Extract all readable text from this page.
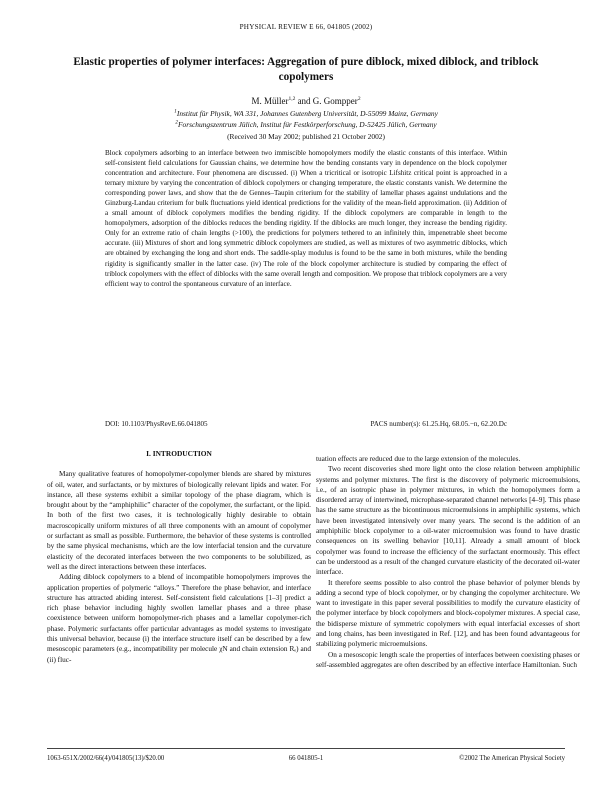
PHYSICAL REVIEW E 66, 041805 (2002)
Elastic properties of polymer interfaces: Aggregation of pure diblock, mixed diblock, and triblock copolymers
M. Müller$^{1,2}$ and G. Gompper$^2$
$^1$Institut für Physik, WA 331, Johannes Gutenberg Universität, D-55099 Mainz, Germany
$^2$Forschungszentrum Jülich, Institut für Festkörperforschung, D-52425 Jülich, Germany
(Received 30 May 2002; published 21 October 2002)
Block copolymers adsorbing to an interface between two immiscible homopolymers modify the elastic constants of this interface. Within self-consistent field calculations for Gaussian chains, we determine how the bending constants vary in dependence on the block copolymer concentration and architecture. Four phenomena are discussed. (i) When a tricritical or isotropic Lifshitz critical point is approached in a ternary mixture by varying the concentration of diblock copolymers or changing temperature, the elastic constants vanish. We determine the corresponding power laws, and show that the de Gennes–Taupin criterium for the stability of lamellar phases against undulations and the Ginzburg-Landau criterium for bulk fluctuations yield identical predictions for the validity of the mean-field approximation. (ii) Addition of a small amount of diblock copolymers modifies the bending rigidity. If the diblock copolymers are comparable in length to the homopolymers, adsorption of the diblocks reduces the bending rigidity. If the diblocks are much longer, they increase the bending rigidity. Only for an extreme ratio of chain lengths (>100), the predictions for polymers tethered to an infinitely thin, impenetrable sheet become accurate. (iii) Mixtures of short and long symmetric diblock copolymers are studied, as well as mixtures of two asymmetric diblocks, which are obtained by exchanging the long and short ends. The saddle-splay modulus is found to be the same in both mixtures, while the bending rigidity is significantly smaller in the latter case. (iv) The role of the block copolymer architecture is studied by comparing the effect of triblock copolymers with the effect of diblocks with the same overall length and composition. We propose that triblock copolymers are a very efficient way to control the spontaneous curvature of an interface.
DOI: 10.1103/PhysRevE.66.041805	PACS number(s): 61.25.Hq, 68.05.−n, 62.20.Dc
I. INTRODUCTION

Many qualitative features of homopolymer-copolymer blends are shared by mixtures of oil, water, and surfactants, or by mixtures of biologically relevant lipids and water. For instance, all these systems exhibit a similar topology of the phase diagram, which is brought about by the “amphiphilic” character of the copolymer, the surfactant, or the lipid. In both of the first two cases, it is technologically highly desirable to obtain macroscopically uniform mixtures of all three components with an amount of copolymer or surfactant as small as possible. Furthermore, the behavior of these systems is controlled by the same physical mechanisms, which are the low interfacial tension and the curvature elasticity of the decorated interfaces between the two components to be solubilized, as well as the direct interactions between these interfaces.

Adding diblock copolymers to a blend of incompatible homopolymers improves the application properties of polymeric “alloys.” Therefore the phase behavior, and interface structure has attracted abiding interest. Self-consistent field calculations [1–3] predict a rich phase behavior including highly swollen lamellar phases and a three phase coexistence between uniform homopolymer-rich phases and a lamellar copolymer-rich phase. Polymeric surfactants offer particular advantages as model systems to investigate this universal behavior, because (i) the interface structure itself can be described by a few mesoscopic parameters (e.g., incompatibility per molecule χN and chain extension Rₑ) and (ii) fluc-

tuation effects are reduced due to the large extension of the molecules.

Two recent discoveries shed more light onto the close relation between amphiphilic systems and polymer mixtures. The first is the discovery of polymeric microemulsions, i.e., of an isotropic phase in polymer mixtures, in which the homopolymers form a disordered array of intertwined, microphase-separated channel networks [4–9]. This phase has the same structure as the bicontinuous microemulsions in amphiphilic systems, which have been investigated intensively over many years. The second is the addition of an amphiphilic block copolymer to a oil-water microemulsion was found to have drastic consequences on its swelling behavior [10,11]. Already a small amount of block copolymer was found to increase the efficiency of the surfactant enormously. This effect can be understood as a result of the changed curvature elasticity of the decorated oil-water interface.

It therefore seems possible to also control the phase behavior of polymer blends by adding a second type of block copolymer, or by changing the copolymer architecture. We want to investigate in this paper several possibilities to modify the curvature elasticity of the polymer interface by block copolymers and block-copolymer mixtures. A special case, the bidisperse mixture of symmetric copolymers with equal interfacial excesses of short and long chains, has been investigated in Ref. [12], and has been found advantageous for stabilizing polymeric microemulsions.

On a mesoscopic length scale the properties of interfaces between coexisting phases or self-assembled aggregates are often described by an effective interface Hamiltonian. Such

1063-651X/2002/66(4)/041805(13)/$20.00	66 041805-1	©2002 The American Physical Society
